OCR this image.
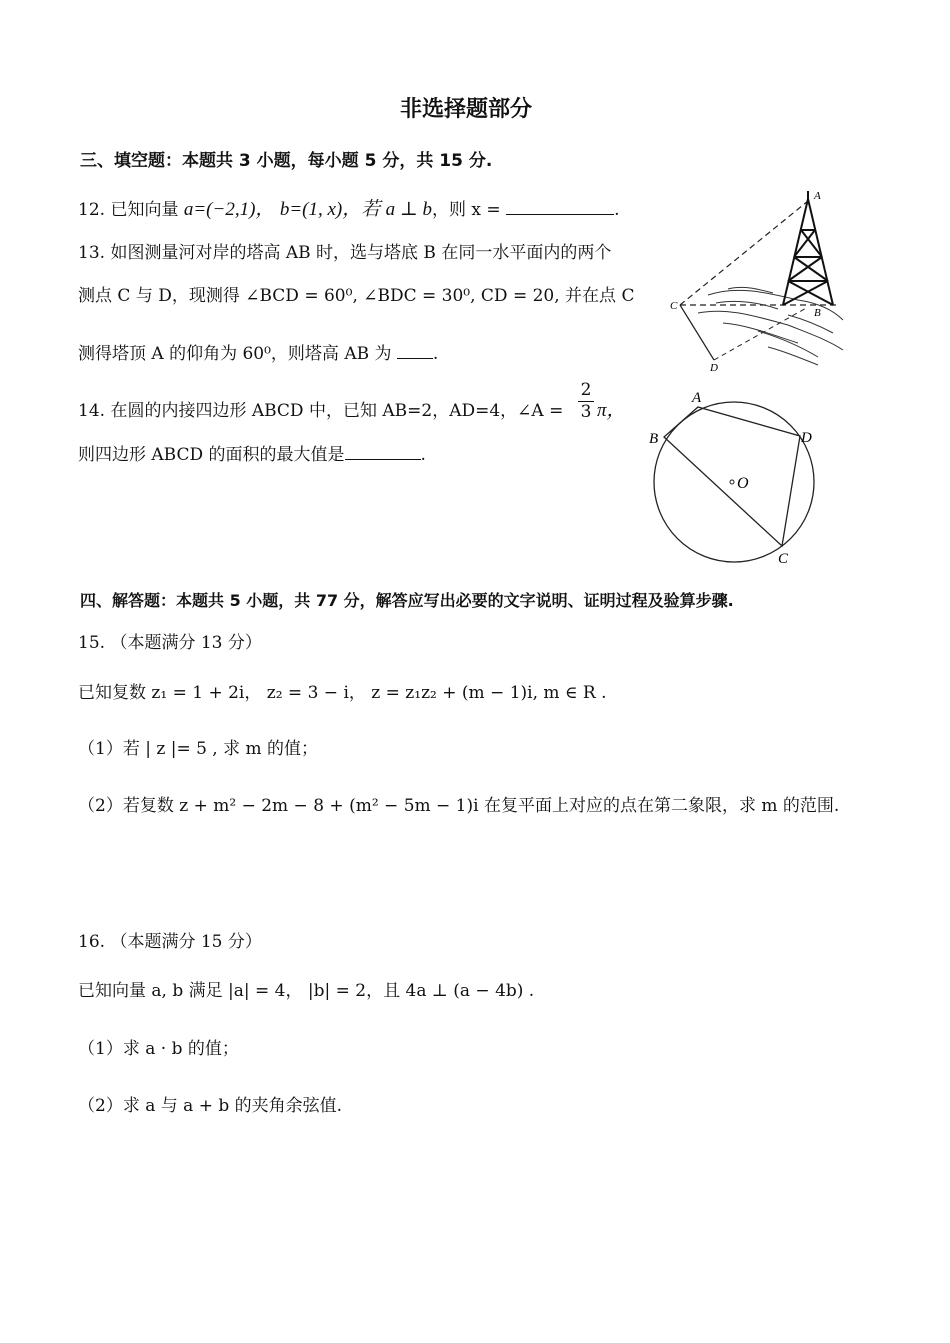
非选择题部分
三、填空题：本题共 3 小题，每小题 5 分，共 15 分.
12. 已知向量 a=(−2,1)， b=(1, x)，若 a ⊥ b，则 x =	.
13. 如图测量河对岸的塔高 AB 时，选与塔底 B 在同一水平面内的两个
测点 C 与 D，现测得 ∠BCD = 60⁰, ∠BDC = 30⁰, CD = 20, 并在点 C
测得塔顶 A 的仰角为 60⁰，则塔高 AB 为 .
14. 在圆的内接四边形 ABCD 中，已知 AB=2，AD=4，∠A =
2
3 π，
则四边形 ABCD 的面积的最大值是	.
A
B
C
D
A
B
C
D
O
四、解答题：本题共 5 小题，共 77 分，解答应写出必要的文字说明、证明过程及验算步骤.
15. （本题满分 13 分）
已知复数 z₁ = 1 + 2i， z₂ = 3 − i， z = z₁z₂ + (m − 1)i, m ∈ R .
（1）若 | z |= 5 , 求 m 的值；
（2）若复数 z + m² − 2m − 8 + (m² − 5m − 1)i 在复平面上对应的点在第二象限，求 m 的范围.
16. （本题满分 15 分）
已知向量 a, b 满足 |a| = 4， |b| = 2，且 4a ⊥ (a − 4b) .
（1）求 a · b 的值；
（2）求 a 与 a + b 的夹角余弦值.
